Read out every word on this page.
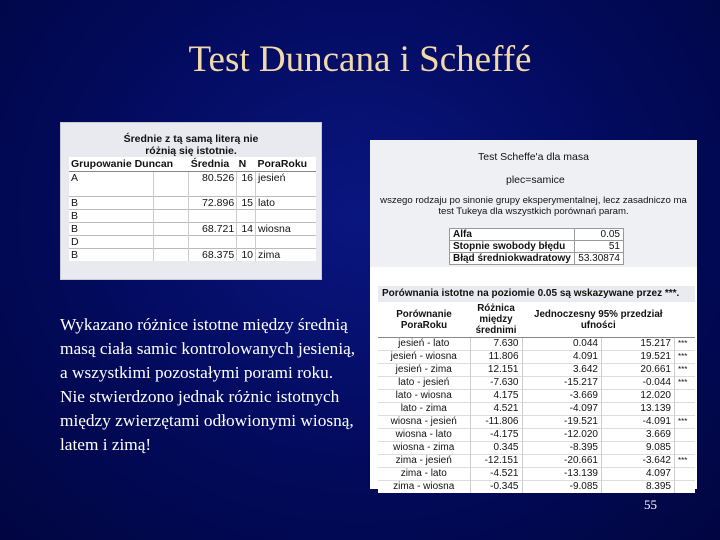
Test Duncana i Scheffé
Średnie z tą samą literą nie
różnią się istotnie.
Grupowanie Duncan		Średnia	N	PoraRoku
A		80.526	16	jesień

B		72.896	15	lato
B				
B		68.721	14	wiosna
D				
B		68.375	10	zima
Test Scheffe'a dla masa
plec=samice
wszego rodzaju po sinonie grupy eksperymentalnej, lecz zasadniczo ma
test Tukeya dla wszystkich porównań param.
Alfa	0.05
Stopnie swobody błędu	51
Błąd średniokwadratowy	53.30874
Porównania istotne na poziomie 0.05 są wskazywane przez ***.
Porównanie PoraRoku	Różnica między średnimi	Jednoczesny 95% przedział ufności		
jesień - lato	7.630	0.044	15.217	***
jesień - wiosna	11.806	4.091	19.521	***
jesień - zima	12.151	3.642	20.661	***
lato - jesień	-7.630	-15.217	-0.044	***
lato - wiosna	4.175	-3.669	12.020	
lato - zima	4.521	-4.097	13.139	
wiosna - jesień	-11.806	-19.521	-4.091	***
wiosna - lato	-4.175	-12.020	3.669	
wiosna - zima	0.345	-8.395	9.085	
zima - jesień	-12.151	-20.661	-3.642	***
zima - lato	-4.521	-13.139	4.097	
zima - wiosna	-0.345	-9.085	8.395	
Wykazano różnice istotne między średnią masą ciała samic kontrolowanych jesienią, a wszystkimi pozostałymi porami roku. Nie stwierdzono jednak różnic istotnych między zwierzętami odłowionymi wiosną, latem i zimą!
55
